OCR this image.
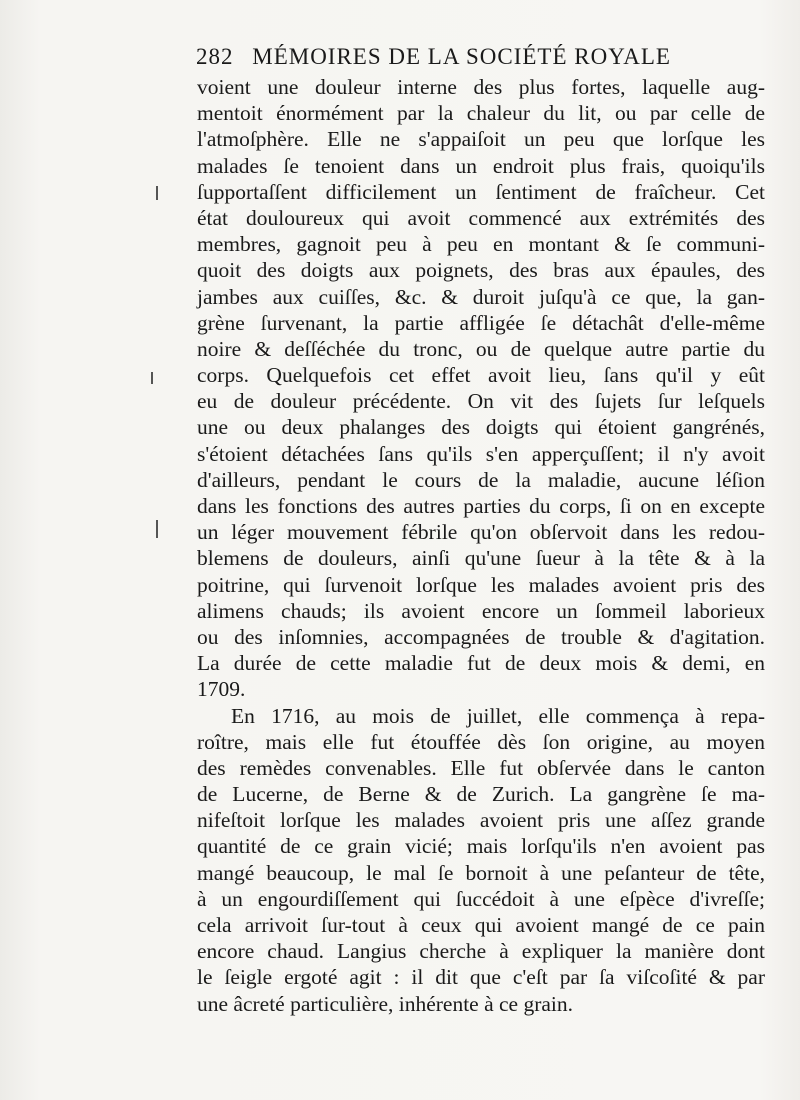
282 MÉMOIRES DE LA SOCIÉTÉ ROYALE
voient une douleur interne des plus fortes, laquelle aug-
mentoit énormément par la chaleur du lit, ou par celle de
l'atmoſphère. Elle ne s'appaiſoit un peu que lorſque les
malades ſe tenoient dans un endroit plus frais, quoiqu'ils
ſupportaſſent difficilement un ſentiment de fraîcheur. Cet
état douloureux qui avoit commencé aux extrémités des
membres, gagnoit peu à peu en montant & ſe communi-
quoit des doigts aux poignets, des bras aux épaules, des
jambes aux cuiſſes, &c. & duroit juſqu'à ce que, la gan-
grène ſurvenant, la partie affligée ſe détachât d'elle-même
noire & deſſéchée du tronc, ou de quelque autre partie du
corps. Quelquefois cet effet avoit lieu, ſans qu'il y eût
eu de douleur précédente. On vit des ſujets ſur leſquels
une ou deux phalanges des doigts qui étoient gangrénés,
s'étoient détachées ſans qu'ils s'en apperçuſſent; il n'y avoit
d'ailleurs, pendant le cours de la maladie, aucune léſion
dans les fonctions des autres parties du corps, ſi on en excepte
un léger mouvement fébrile qu'on obſervoit dans les redou-
blemens de douleurs, ainſi qu'une ſueur à la tête & à la
poitrine, qui ſurvenoit lorſque les malades avoient pris des
alimens chauds; ils avoient encore un ſommeil laborieux
ou des inſomnies, accompagnées de trouble & d'agitation.
La durée de cette maladie fut de deux mois & demi, en
1709.
En 1716, au mois de juillet, elle commença à repa-
roître, mais elle fut étouffée dès ſon origine, au moyen
des remèdes convenables. Elle fut obſervée dans le canton
de Lucerne, de Berne & de Zurich. La gangrène ſe ma-
nifeſtoit lorſque les malades avoient pris une aſſez grande
quantité de ce grain vicié; mais lorſqu'ils n'en avoient pas
mangé beaucoup, le mal ſe bornoit à une peſanteur de tête,
à un engourdiſſement qui ſuccédoit à une eſpèce d'ivreſſe;
cela arrivoit ſur-tout à ceux qui avoient mangé de ce pain
encore chaud. Langius cherche à expliquer la manière dont
le ſeigle ergoté agit : il dit que c'eſt par ſa viſcoſité & par
une âcreté particulière, inhérente à ce grain.
